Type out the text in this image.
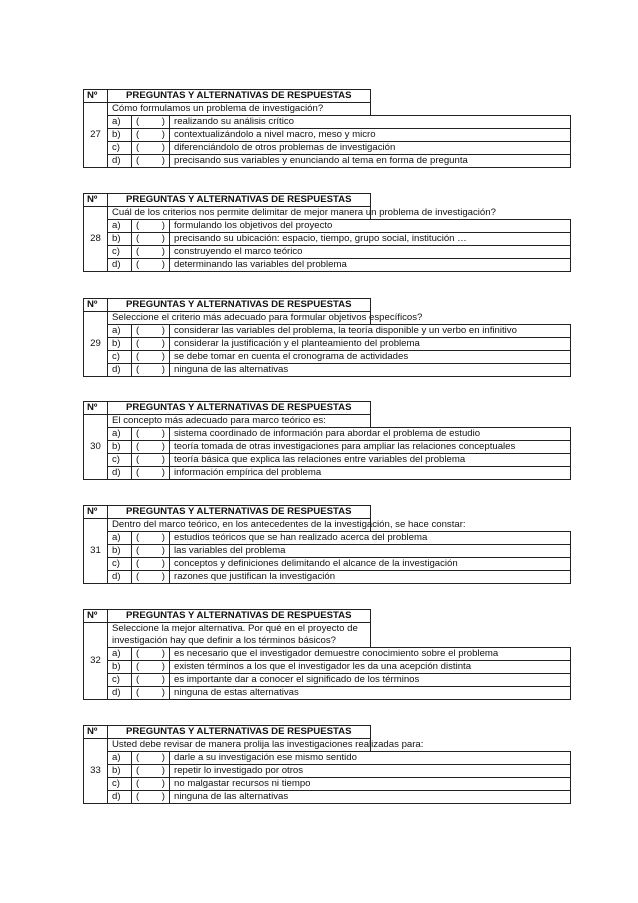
Nº	PREGUNTAS Y ALTERNATIVAS DE RESPUESTAS		
27	Cómo formulamos un problema de investigación?		
	a)	( )	realizando su análisis crítico
	b)	( )	contextualizándolo a nivel macro, meso y micro
	c)	( )	diferenciándolo de otros problemas de investigación
	d)	( )	precisando sus variables y enunciando al tema en forma de pregunta
Nº	PREGUNTAS Y ALTERNATIVAS DE RESPUESTAS		
28	Cuál de los criterios nos permite delimitar de mejor manera un problema de investigación?		
	a)	( )	formulando los objetivos del proyecto
	b)	( )	precisando su ubicación: espacio, tiempo, grupo social, institución …
	c)	( )	construyendo el marco teórico
	d)	( )	determinando las variables del problema
Nº	PREGUNTAS Y ALTERNATIVAS DE RESPUESTAS		
29	Seleccione el criterio más adecuado para formular objetivos específicos?		
	a)	( )	considerar las variables del problema, la teoría disponible y un verbo en infinitivo
	b)	( )	considerar la justificación y el planteamiento del problema
	c)	( )	se debe tomar en cuenta el cronograma de actividades
	d)	( )	ninguna de las alternativas
Nº	PREGUNTAS Y ALTERNATIVAS DE RESPUESTAS		
30	El concepto más adecuado para marco teórico es:		
	a)	( )	sistema coordinado de información para abordar el problema de estudio
	b)	( )	teoría tomada de otras investigaciones para ampliar las relaciones conceptuales
	c)	( )	teoría básica que explica las relaciones entre variables del problema
	d)	( )	información empírica del problema
Nº	PREGUNTAS Y ALTERNATIVAS DE RESPUESTAS		
31	Dentro del marco teórico, en los antecedentes de la investigación, se hace constar:		
	a)	( )	estudios teóricos que se han realizado acerca del problema
	b)	( )	las variables del problema
	c)	( )	conceptos y definiciones delimitando el alcance de la investigación
	d)	( )	razones que justifican la investigación
Nº	PREGUNTAS Y ALTERNATIVAS DE RESPUESTAS		
32	Seleccione la mejor alternativa. Por qué en el proyecto de investigación hay que definir a los términos básicos?		
	a)	( )	es necesario que el investigador demuestre conocimiento sobre el problema
	b)	( )	existen términos a los que el investigador les da una acepción distinta
	c)	( )	es importante dar a conocer el significado de los términos
	d)	( )	ninguna de estas alternativas
Nº	PREGUNTAS Y ALTERNATIVAS DE RESPUESTAS		
33	Usted debe revisar de manera prolija las investigaciones realizadas para:		
	a)	( )	darle a su investigación ese mismo sentido
	b)	( )	repetir lo investigado por otros
	c)	( )	no malgastar recursos ni tiempo
	d)	( )	ninguna de las alternativas
